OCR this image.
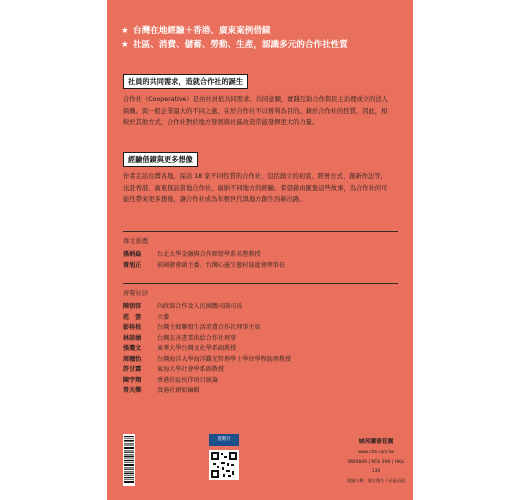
★ 台灣在地經驗＋香港、廣東案例借鏡
★ 社區、消費、儲蓄、勞動、生產，認識多元的合作社性質
社員的共同需求，造就合作社的誕生
合作社（Cooperative）是由社員依共同需求、共同意願，實踐互助合作與民主治理成立的法人組織。與一般企業最大的不同之處，在於合作社不以營利為目的。藉於合作社的性質，因此，相較於其他方式，合作社對於地方發展與社區改造常能發揮更大的力量。
經驗借鏡與更多想像
作者走訪台灣各地，採訪 18 家不同性質的合作社，包括創立的初衷、經營方式、創新作法等，也赴香港、廣東探訪當地合作社，廣納不同地方的經驗。希望藉由匯集這些故事，為合作社的可能性帶來更多想像，讓合作社成為年輕世代與地方創生的新出路。
專文推薦
孫炳焱	台北大學金融與合作經營學系名譽教授
曾旭正	前國發會副主委、台灣心靈生態村協進會理事長
齊聲好評
陳信容	內政部合作及人民團體司副司長
范　雲	立委
彭桂枝	台灣主婦聯盟生活消費合作社理事主席
林詩涵	台灣友善書業供給合作社理事
張瓊文	東華大學台灣文化學系副教授
周穗怡	台灣海洋大學海洋觀光管理學士學位學程助理教授
許甘霖	東海大學社會學系副教授
陳宇翔	香港社區伙伴項目統籌
常天樂	食通社創始編輯
進階社	城邦讀書花園
www.cite.com.tw
BW0849 | NT$ 390 | HK$ 130
建議分類：地方創生 / 社區再造
